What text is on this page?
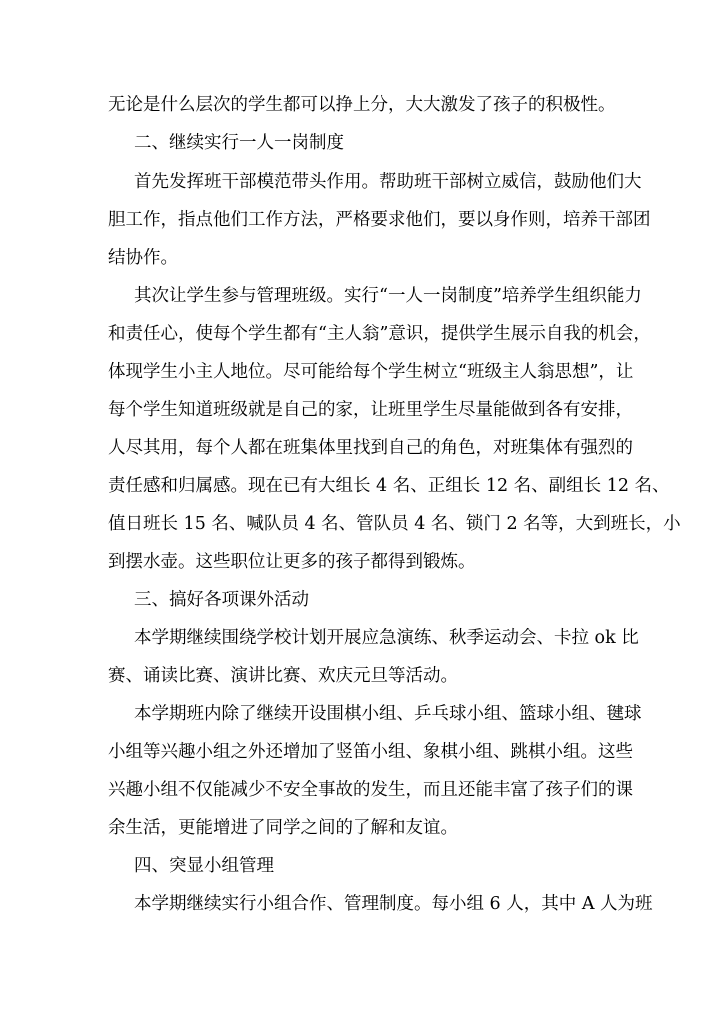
无论是什么层次的学生都可以挣上分，大大激发了孩子的积极性。
二、继续实行一人一岗制度
首先发挥班干部模范带头作用。帮助班干部树立威信，鼓励他们大
胆工作，指点他们工作方法，严格要求他们，要以身作则，培养干部团
结协作。
其次让学生参与管理班级。实行“一人一岗制度”培养学生组织能力
和责任心，使每个学生都有“主人翁”意识，提供学生展示自我的机会，
体现学生小主人地位。尽可能给每个学生树立“班级主人翁思想”，让
每个学生知道班级就是自己的家，让班里学生尽量能做到各有安排，
人尽其用，每个人都在班集体里找到自己的角色，对班集体有强烈的
责任感和归属感。现在已有大组长 4 名、正组长 12 名、副组长 12 名、
值日班长 15 名、喊队员 4 名、管队员 4 名、锁门 2 名等，大到班长，小
到摆水壶。这些职位让更多的孩子都得到锻炼。
三、搞好各项课外活动
本学期继续围绕学校计划开展应急演练、秋季运动会、卡拉 ok 比
赛、诵读比赛、演讲比赛、欢庆元旦等活动。
本学期班内除了继续开设围棋小组、乒乓球小组、篮球小组、毽球
小组等兴趣小组之外还增加了竖笛小组、象棋小组、跳棋小组。这些
兴趣小组不仅能减少不安全事故的发生，而且还能丰富了孩子们的课
余生活，更能增进了同学之间的了解和友谊。
四、突显小组管理
本学期继续实行小组合作、管理制度。每小组 6 人，其中 A 人为班
